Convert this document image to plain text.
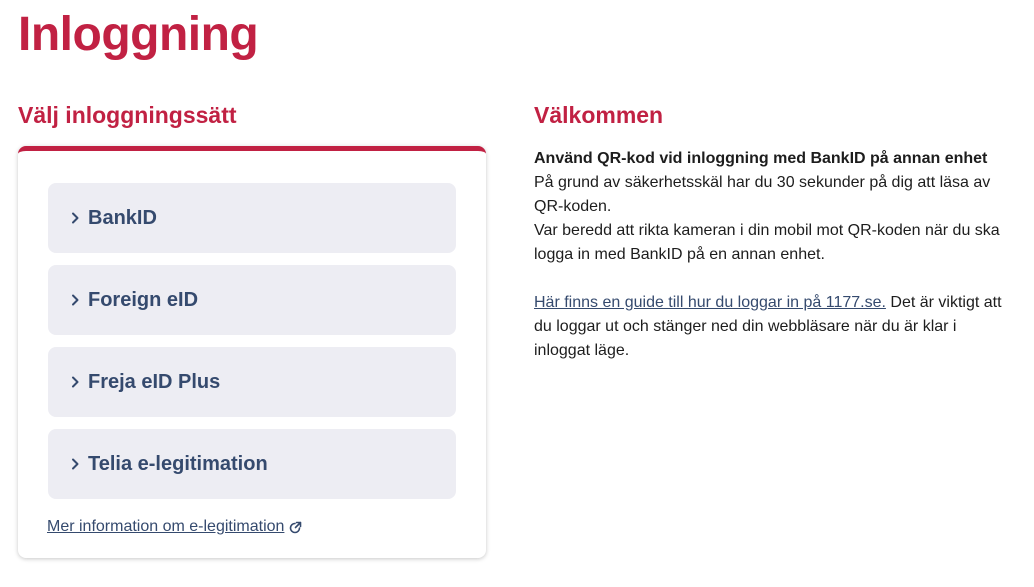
Inloggning
Välj inloggningssätt
BankID
Foreign eID
Freja eID Plus
Telia e-legitimation
Mer information om e-legitimation
Välkommen

Använd QR-kod vid inloggning med BankID på annan enhet

På grund av säkerhetsskäl har du 30 sekunder på dig att läsa av QR-koden.

Var beredd att rikta kameran i din mobil mot QR-koden när du ska logga in med BankID på en annan enhet.

Här finns en guide till hur du loggar in på 1177.se. Det är viktigt att du loggar ut och stänger ned din webbläsare när du är klar i inloggat läge.
